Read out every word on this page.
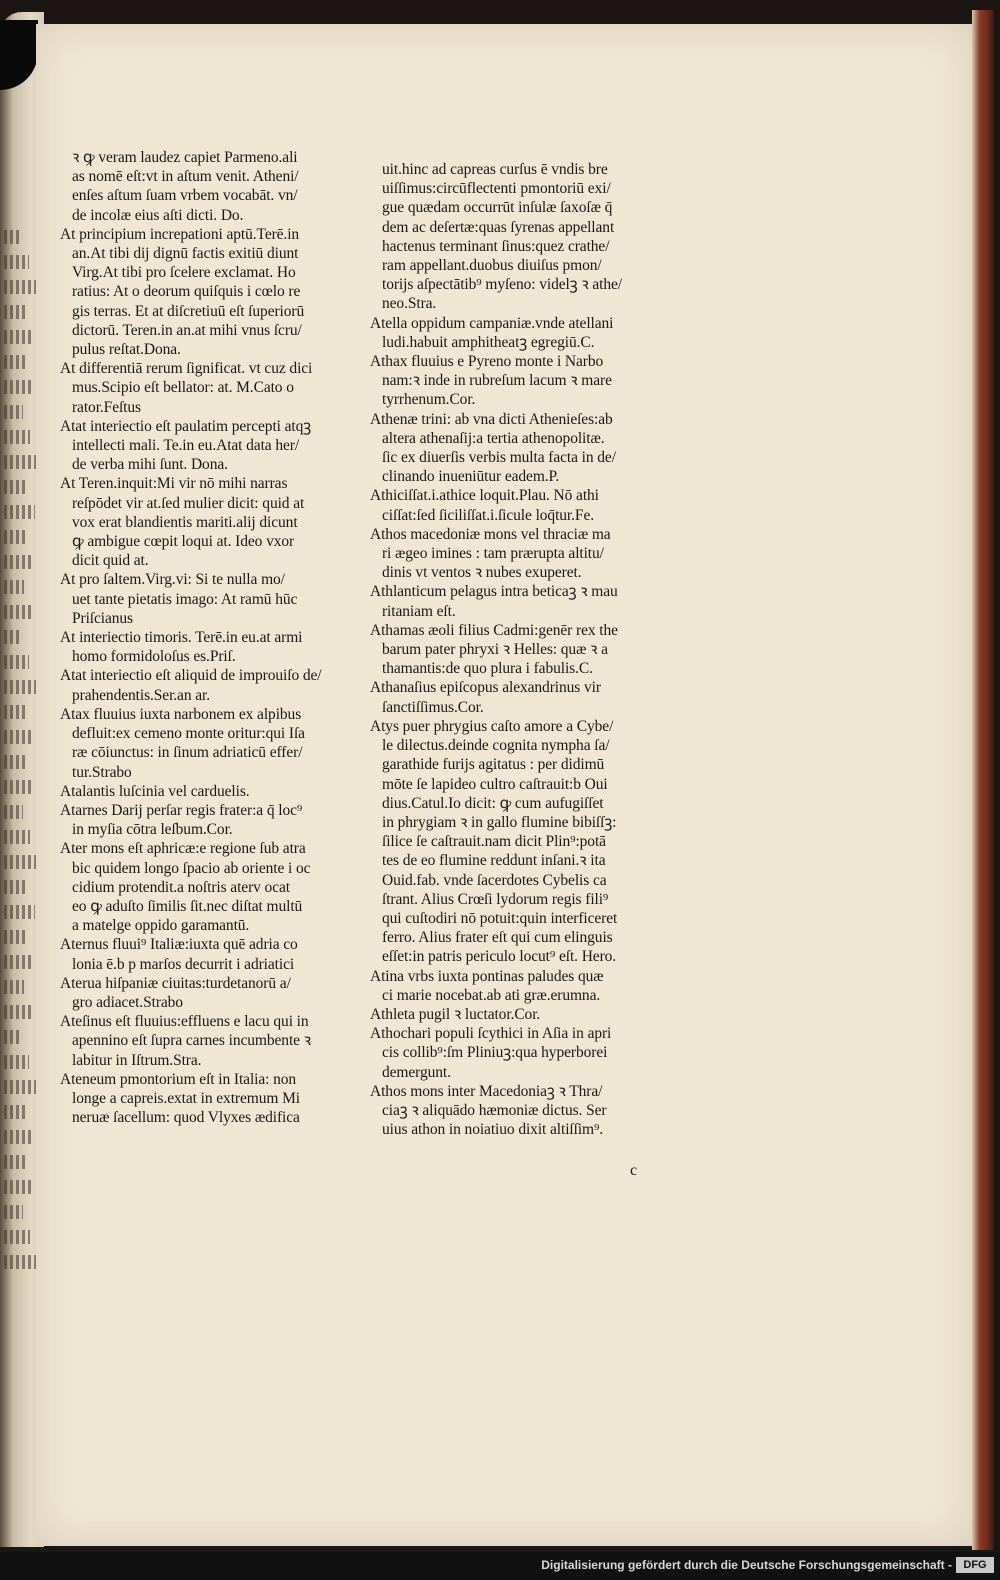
ꝛ ꝙ veram laudez capiet Parmeno.ali

as nomē eſt:vt in aſtum venit. Atheni/

enſes aſtum ſuam vrbem vocabāt. vn/

de incolæ eius aſti dicti. Do.

At principium increpationi aptū.Terē.in

an.At tibi dij dignū factis exitiū diunt

Virg.At tibi pro ſcelere exclamat. Ho

ratius: At o deorum quiſquis i cœlo re

gis terras. Et at diſcretiuū eſt ſuperiorū

dictorū. Teren.in an.at mihi vnus ſcru/

pulus reſtat.Dona.

At differentiā rerum ſignificat. vt cuz dici

mus.Scipio eſt bellator: at. M.Cato o

rator.Feſtus

Atat interiectio eſt paulatim percepti atqꝫ

intellecti mali. Te.in eu.Atat data her/

de verba mihi ſunt. Dona.

At Teren.inquit:Mi vir nō mihi narras

reſpōdet vir at.ſed mulier dicit: quid at

vox erat blandientis mariti.alij dicunt

ꝙ ambigue cœpit loqui at. Ideo vxor

dicit quid at.

At pro ſaltem.Virg.vi: Si te nulla mo/

uet tante pietatis imago: At ramū hūc

Priſcianus

At interiectio timoris. Terē.in eu.at armi

homo formidoloſus es.Priſ.

Atat interiectio eſt aliquid de improuiſo de/

prahendentis.Ser.an ar.

Atax fluuius iuxta narbonem ex alpibus

defluit:ex cemeno monte oritur:qui Iſa

ræ cōiunctus: in ſinum adriaticū effer/

tur.Strabo

Atalantis luſcinia vel carduelis.

Atarnes Darij perſar regis frater:a q̄ loc⁹

in myſia cōtra leſbum.Cor.

Ater mons eſt aphricæ:e regione ſub atra

bic quidem longo ſpacio ab oriente i oc

cidium protendit.a noſtris aterv ocat

eo ꝙ aduſto ſimilis ſit.nec diſtat multū

a matelge oppido garamantū.

Aternus fluui⁹ Italiæ:iuxta quē adria co

lonia ē.b p marſos decurrit i adriatici

Aterua hiſpaniæ ciuitas:turdetanorū a/

gro adiacet.Strabo

Ateſinus eſt fluuius:effluens e lacu qui in

apennino eſt ſupra carnes incumbente ꝛ

labitur in Iſtrum.Stra.

Ateneum pmontorium eſt in Italia: non

longe a capreis.extat in extremum Mi

neruæ ſacellum: quod Vlyxes ædifica

uit.hinc ad capreas curſus ē vndis bre

uiſſimus:circūflectenti pmontoriū exi/

gue quædam occurrūt inſulæ ſaxoſæ q̄

dem ac deſertæ:quas ſyrenas appellant

hactenus terminant ſinus:quez crathe/

ram appellant.duobus diuiſus pmon/

torijs aſpectātib⁹ myſeno: videlꝫ ꝛ athe/

neo.Stra.

Atella oppidum campaniæ.vnde atellani

ludi.habuit amphitheatꝫ egregiū.C.

Athax fluuius e Pyreno monte i Narbo

nam:ꝛ inde in rubreſum lacum ꝛ mare

tyrrhenum.Cor.

Athenæ trini: ab vna dicti Athenieſes:ab

altera athenaſij:a tertia athenopolitæ.

ſic ex diuerſis verbis multa facta in de/

clinando inueniūtur eadem.P.

Athiciſſat.i.athice loquit.Plau. Nō athi

ciſſat:ſed ſiciliſſat.i.ſicule loq̄tur.Fe.

Athos macedoniæ mons vel thraciæ ma

ri ægeo imines : tam prærupta altitu/

dinis vt ventos ꝛ nubes exuperet.

Athlanticum pelagus intra beticaꝫ ꝛ mau

ritaniam eſt.

Athamas æoli filius Cadmi:genēr rex the

barum pater phryxi ꝛ Helles: quæ ꝛ a

thamantis:de quo plura i fabulis.C.

Athanaſius epiſcopus alexandrinus vir

ſanctiſſimus.Cor.

Atys puer phrygius caſto amore a Cybe/

le dilectus.deinde cognita nympha ſa/

garathide furijs agitatus : per didimū

mōte ſe lapideo cultro caſtrauit:b Oui

dius.Catul.Io dicit: ꝙ cum aufugiſſet

in phrygiam ꝛ in gallo flumine bibiſſꝫ:

ſilice ſe caſtrauit.nam dicit Plin⁹:potā

tes de eo flumine reddunt inſani.ꝛ ita

Ouid.fab. vnde ſacerdotes Cybelis ca

ſtrant. Alius Crœſi lydorum regis fili⁹

qui cuſtodiri nō potuit:quin interficeret

ferro. Alius frater eſt qui cum elinguis

eſſet:in patris periculo locut⁹ eſt. Hero.

Atina vrbs iuxta pontinas paludes quæ

ci marie nocebat.ab ati græ.erumna.

Athleta pugil ꝛ luctator.Cor.

Athochari populi ſcythici in Aſia in apri

cis collib⁹:ſm Pliniuꝫ:qua hyperborei

demergunt.

Athos mons inter Macedoniaꝫ ꝛ Thra/

ciaꝫ ꝛ aliquādo hæmoniæ dictus. Ser

uius athon in noiatiuo dixit altiſſim⁹.

c
Digitalisierung gefördert durch die Deutsche Forschungsgemeinschaft -	DFG
